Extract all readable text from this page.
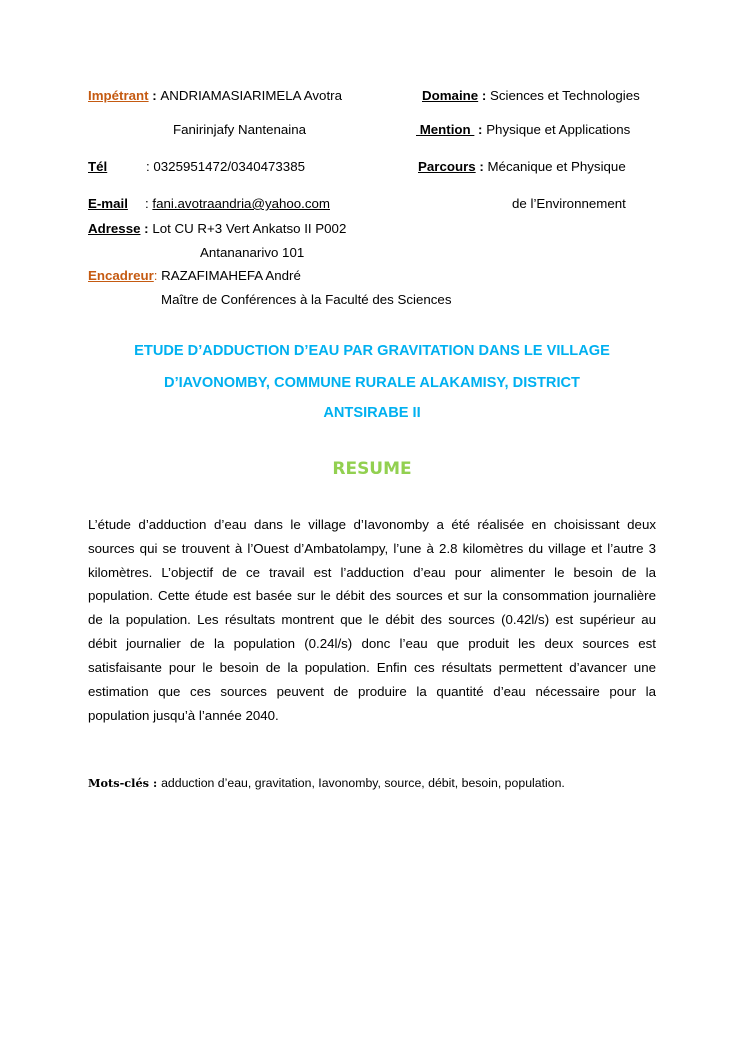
Impétrant : ANDRIAMASIARIMELA Avotra	Domaine : Sciences et Technologies
Fanirinjafy Nantenaina	Mention  : Physique et Applications
Tél	: 0325951472/0340473385	Parcours : Mécanique et Physique
E-mail : fani.avotraandria@yahoo.com	de l’Environnement
Adresse : Lot CU R+3 Vert Ankatso II P002
Antananarivo 101
Encadreur: RAZAFIMAHEFA André
Maître de Conférences à la Faculté des Sciences
ETUDE D’ADDUCTION D’EAU PAR GRAVITATION DANS LE VILLAGE
D’IAVONOMBY, COMMUNE RURALE ALAKAMISY, DISTRICT
ANTSIRABE II
RESUME
L’étude d’adduction d’eau dans le village d’Iavonomby a été réalisée en choisissant deux
sources qui se trouvent à l’Ouest d’Ambatolampy, l’une à 2.8 kilomètres du village et l’autre 3
kilomètres. L’objectif de ce travail est l’adduction d’eau pour alimenter le besoin de la
population. Cette étude est basée sur le débit des sources et sur la consommation journalière
de la population. Les résultats montrent que le débit des sources (0.42l/s) est supérieur au
débit journalier de la population (0.24l/s) donc l’eau que produit les deux sources est
satisfaisante pour le besoin de la population. Enfin ces résultats permettent d’avancer une
estimation que ces sources peuvent de produire la quantité d’eau nécessaire pour la
population jusqu’à l’année 2040.
Mots-clés : adduction d’eau, gravitation, Iavonomby, source, débit, besoin, population.
